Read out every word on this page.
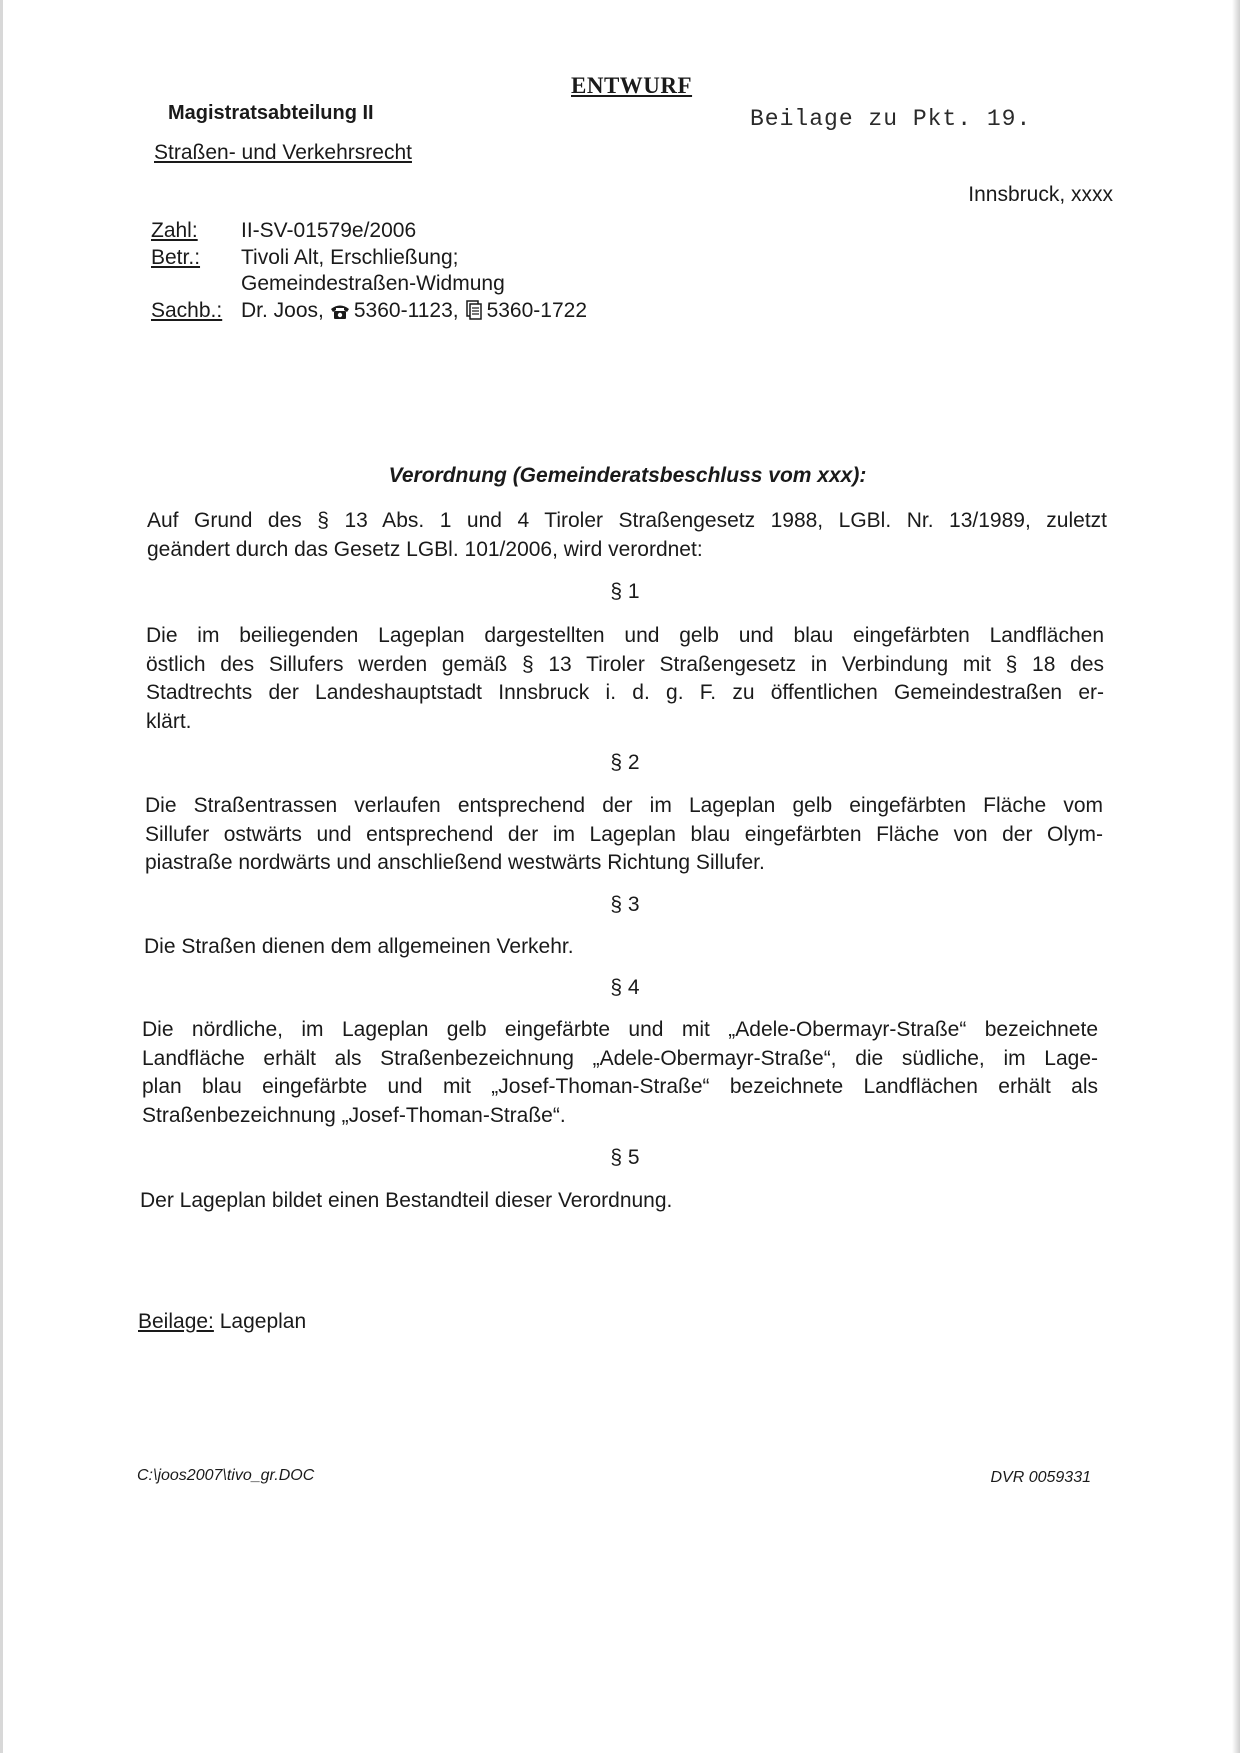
ENTWURF
Magistratsabteilung II
Straßen- und Verkehrsrecht
Beilage zu Pkt. 19.
Innsbruck, xxxx
Zahl:	II-SV-01579e/2006
Betr.:	Tivoli Alt, Erschließung;
Gemeindestraßen-Widmung
Sachb.: Dr. Joos, 5360-1123, 5360-1722
Verordnung (Gemeinderatsbeschluss vom xxx):
Auf Grund des § 13 Abs. 1 und 4 Tiroler Straßengesetz 1988, LGBl. Nr. 13/1989, zuletzt
geändert durch das Gesetz LGBl. 101/2006, wird verordnet:
§ 1
Die im beiliegenden Lageplan dargestellten und gelb und blau eingefärbten Landflächen
östlich des Sillufers werden gemäß § 13 Tiroler Straßengesetz in Verbindung mit § 18 des
Stadtrechts der Landeshauptstadt Innsbruck i. d. g. F. zu öffentlichen Gemeindestraßen er-
klärt.
§ 2
Die Straßentrassen verlaufen entsprechend der im Lageplan gelb eingefärbten Fläche vom
Sillufer ostwärts und entsprechend der im Lageplan blau eingefärbten Fläche von der Olym-
piastraße nordwärts und anschließend westwärts Richtung Sillufer.
§ 3
Die Straßen dienen dem allgemeinen Verkehr.
§ 4
Die nördliche, im Lageplan gelb eingefärbte und mit „Adele-Obermayr-Straße“ bezeichnete
Landfläche erhält als Straßenbezeichnung „Adele-Obermayr-Straße“, die südliche, im Lage-
plan blau eingefärbte und mit „Josef-Thoman-Straße“ bezeichnete Landflächen erhält als
Straßenbezeichnung „Josef-Thoman-Straße“.
§ 5
Der Lageplan bildet einen Bestandteil dieser Verordnung.
Beilage: Lageplan
C:\joos2007\tivo_gr.DOC	DVR 0059331
